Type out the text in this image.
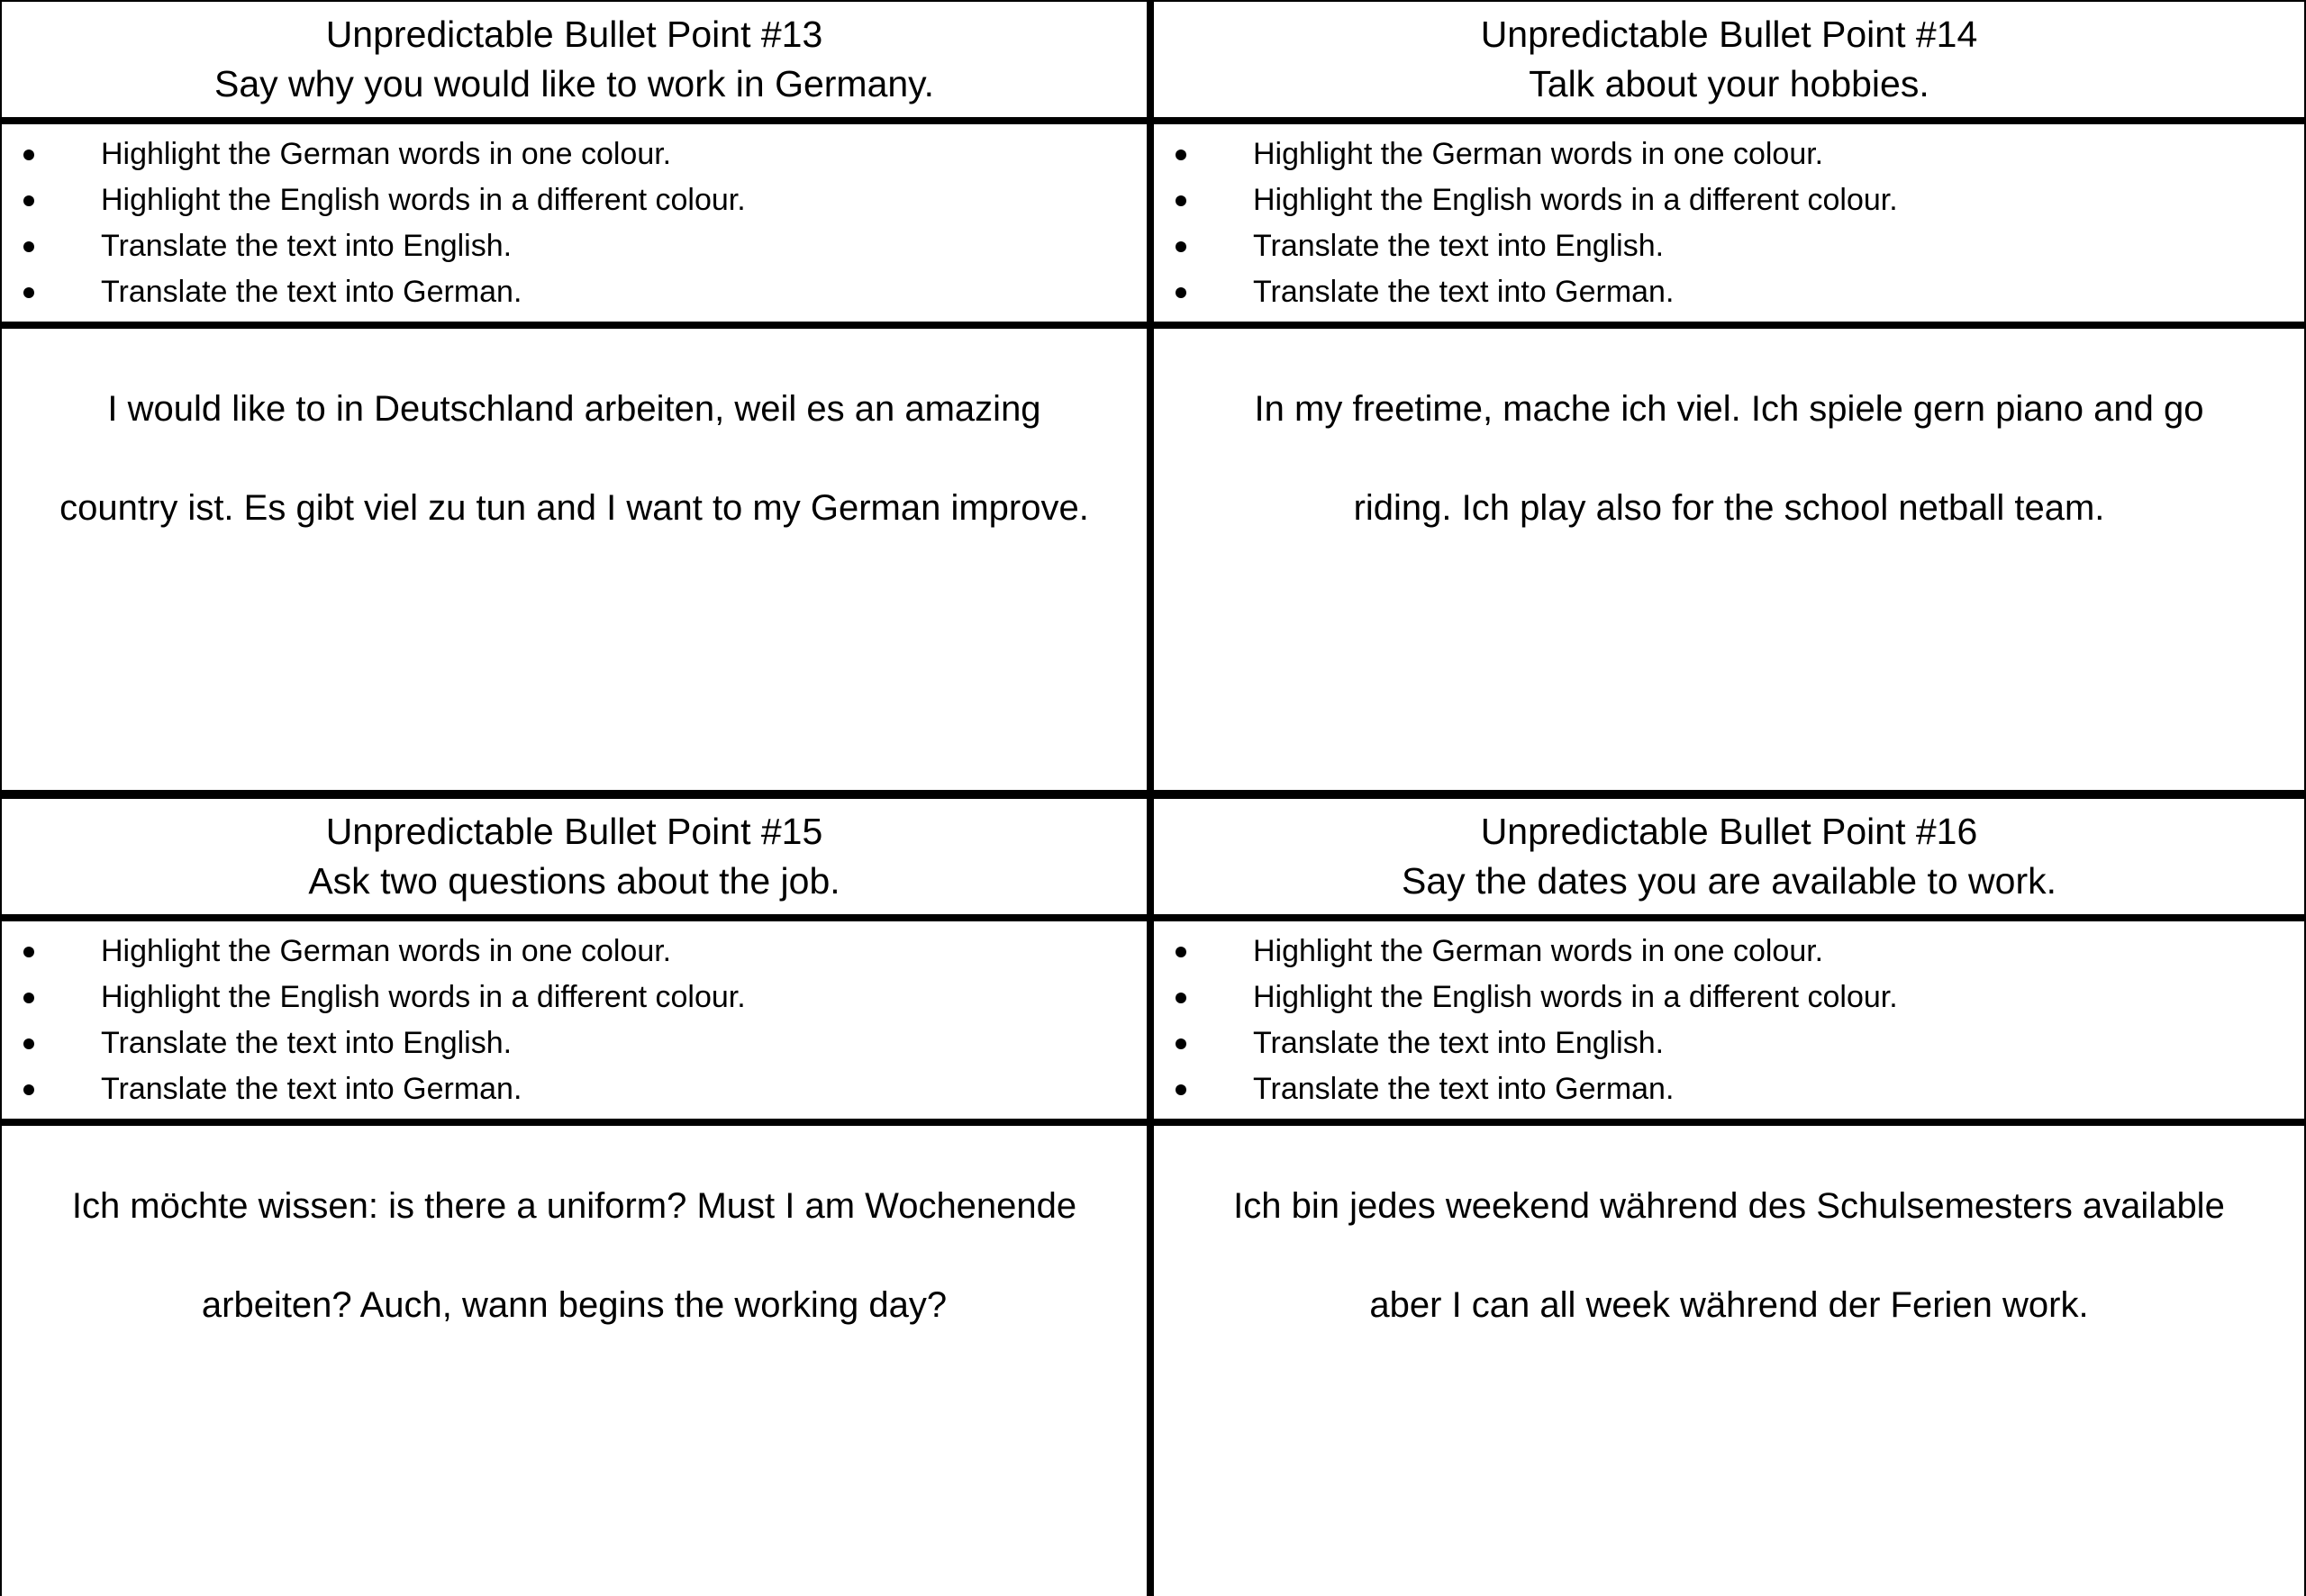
Unpredictable Bullet Point #13
Say why you would like to work in Germany.
Highlight the German words in one colour.
Highlight the English words in a different colour.
Translate the text into English.
Translate the text into German.

I would like to in Deutschland arbeiten, weil es an amazing

country ist. Es gibt viel zu tun and I want to my German improve.

Unpredictable Bullet Point #14
Talk about your hobbies.
Highlight the German words in one colour.
Highlight the English words in a different colour.
Translate the text into English.
Translate the text into German.

In my freetime, mache ich viel. Ich spiele gern piano and go

riding. Ich play also for the school netball team.

Unpredictable Bullet Point #15
Ask two questions about the job.
Highlight the German words in one colour.
Highlight the English words in a different colour.
Translate the text into English.
Translate the text into German.

Ich möchte wissen: is there a uniform? Must I am Wochenende

arbeiten? Auch, wann begins the working day?

Unpredictable Bullet Point #16
Say the dates you are available to work.
Highlight the German words in one colour.
Highlight the English words in a different colour.
Translate the text into English.
Translate the text into German.

Ich bin jedes weekend während des Schulsemesters available

aber I can all week während der Ferien work.
